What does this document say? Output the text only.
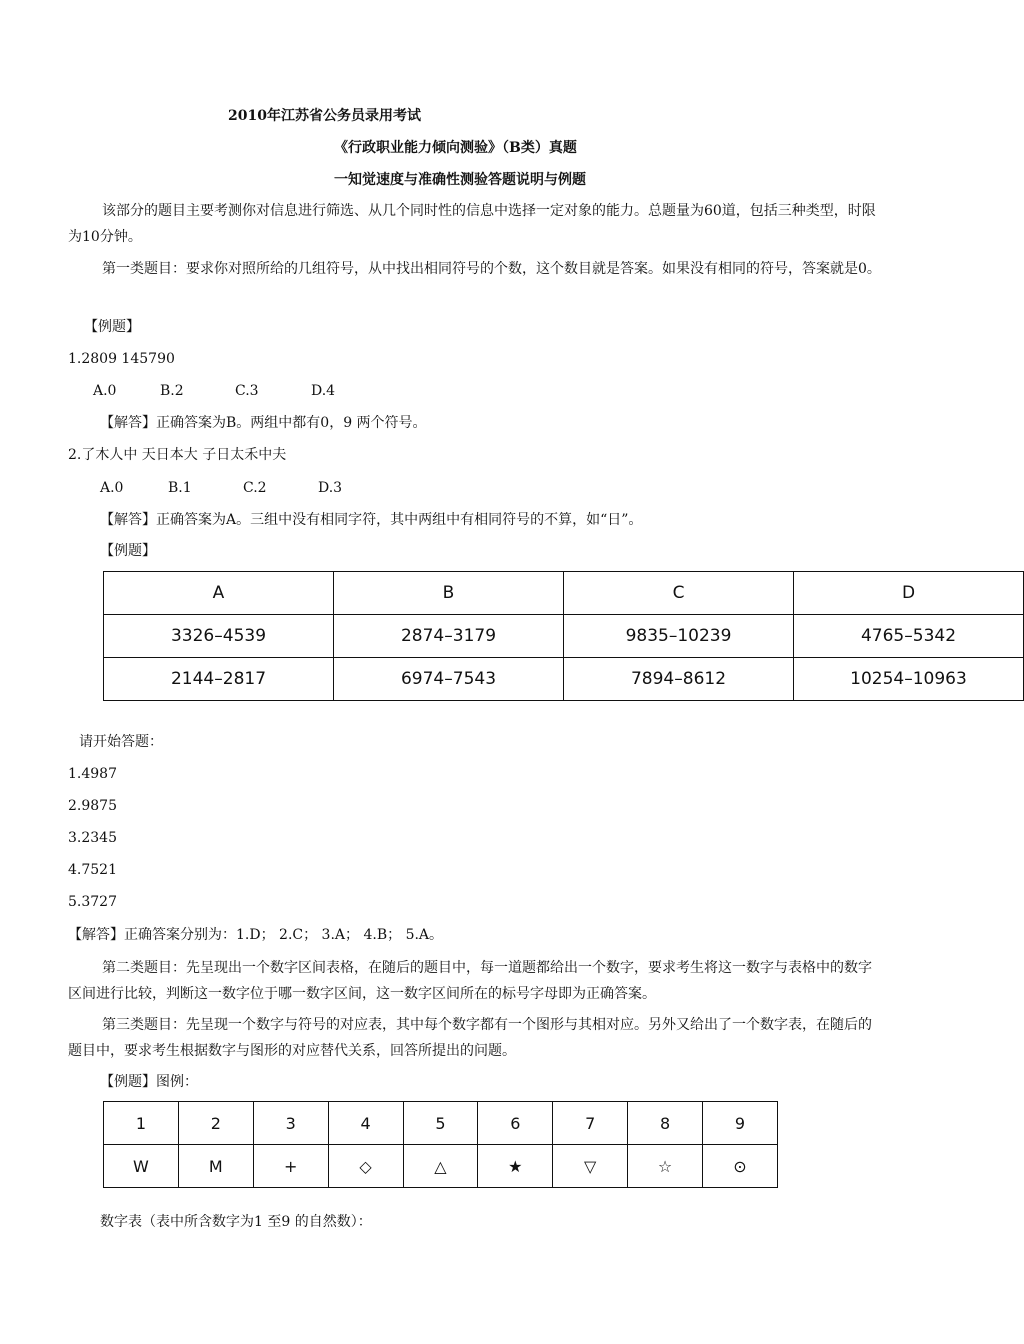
2010年江苏省公务员录用考试
《行政职业能力倾向测验》（B类）真题
一知觉速度与准确性测验答题说明与例题
该部分的题目主要考测你对信息进行筛选、从几个同时性的信息中选择一定对象的能力。总题量为60道，包括三种类型，时限为10分钟。
第一类题目：要求你对照所给的几组符号，从中找出相同符号的个数，这个数目就是答案。如果没有相同的符号，答案就是0。
【例题】
1.2809 145790
A.0	B.2	C.3	D.4
【解答】正确答案为B。两组中都有0，9 两个符号。
2.了木人中 天日本大 子日太禾中夫
A.0	B.1	C.2	D.3
【解答】正确答案为A。三组中没有相同字符，其中两组中有相同符号的不算，如“日”。
【例题】
A	B	C	D
3326–4539	2874–3179	9835–10239	4765–5342
2144–2817	6974–7543	7894–8612	10254–10963
请开始答题：
1.4987
2.9875
3.2345
4.7521
5.3727
【解答】正确答案分别为：1.D； 2.C； 3.A； 4.B； 5.A。
第二类题目：先呈现出一个数字区间表格，在随后的题目中，每一道题都给出一个数字，要求考生将这一数字与表格中的数字区间进行比较，判断这一数字位于哪一数字区间，这一数字区间所在的标号字母即为正确答案。
第三类题目：先呈现一个数字与符号的对应表，其中每个数字都有一个图形与其相对应。另外又给出了一个数字表，在随后的题目中，要求考生根据数字与图形的对应替代关系，回答所提出的问题。
【例题】图例：
1	2	3	4	5	6	7	8	9
W	M	+	◇	△	★	▽	☆	⊙
数字表（表中所含数字为1 至9 的自然数）：
